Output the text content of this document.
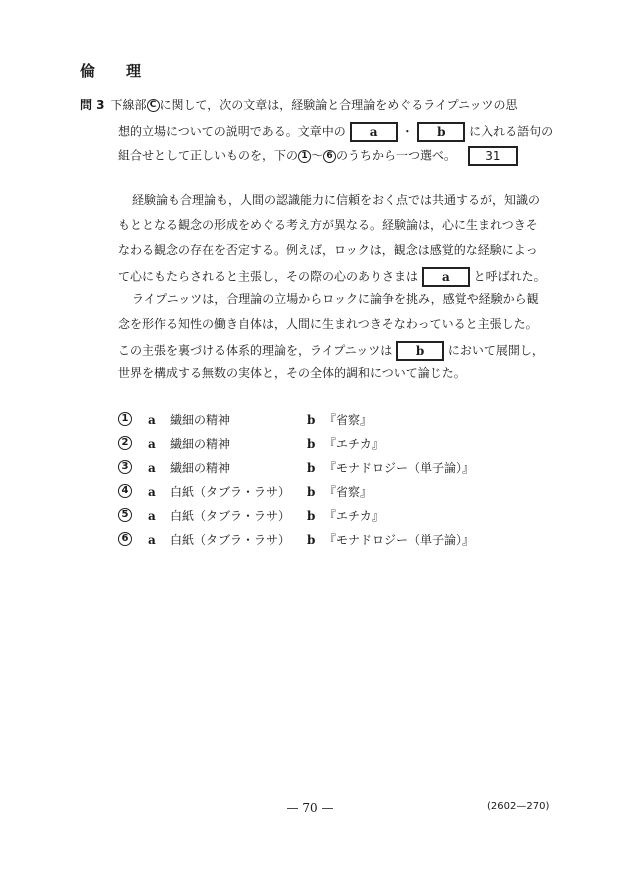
倫　理
問 3 下線部 C に関して，次の文章は，経験論と合理論をめぐるライプニッツの思
想的立場についての説明である。文章中の a ・ b に入れる語句の
組合せとして正しいものを，下の 1 ～ 6 のうちから一つ選べ。 31
経験論も合理論も，人間の認識能力に信頼をおく点では共通するが，知識の
もととなる観念の形成をめぐる考え方が異なる。経験論は，心に生まれつきそ
なわる観念の存在を否定する。例えば，ロックは，観念は感覚的な経験によっ
て心にもたらされると主張し，その際の心のありさまは a と呼ばれた。
ライプニッツは，合理論の立場からロックに論争を挑み，感覚や経験から観
念を形作る知性の働き自体は，人間に生まれつきそなわっていると主張した。
この主張を裏づける体系的理論を，ライプニッツは b において展開し，
世界を構成する無数の実体と，その全体的調和について論じた。
1 a 繊細の精神	b 『省察』
2 a 繊細の精神	b 『エチカ』
3 a 繊細の精神	b 『モナドロジー（単子論）』
4 a 白紙（タブラ・ラサ） b 『省察』
5 a 白紙（タブラ・ラサ） b 『エチカ』
6 a 白紙（タブラ・ラサ） b 『モナドロジー（単子論）』
— 70 —	(2602—270)
